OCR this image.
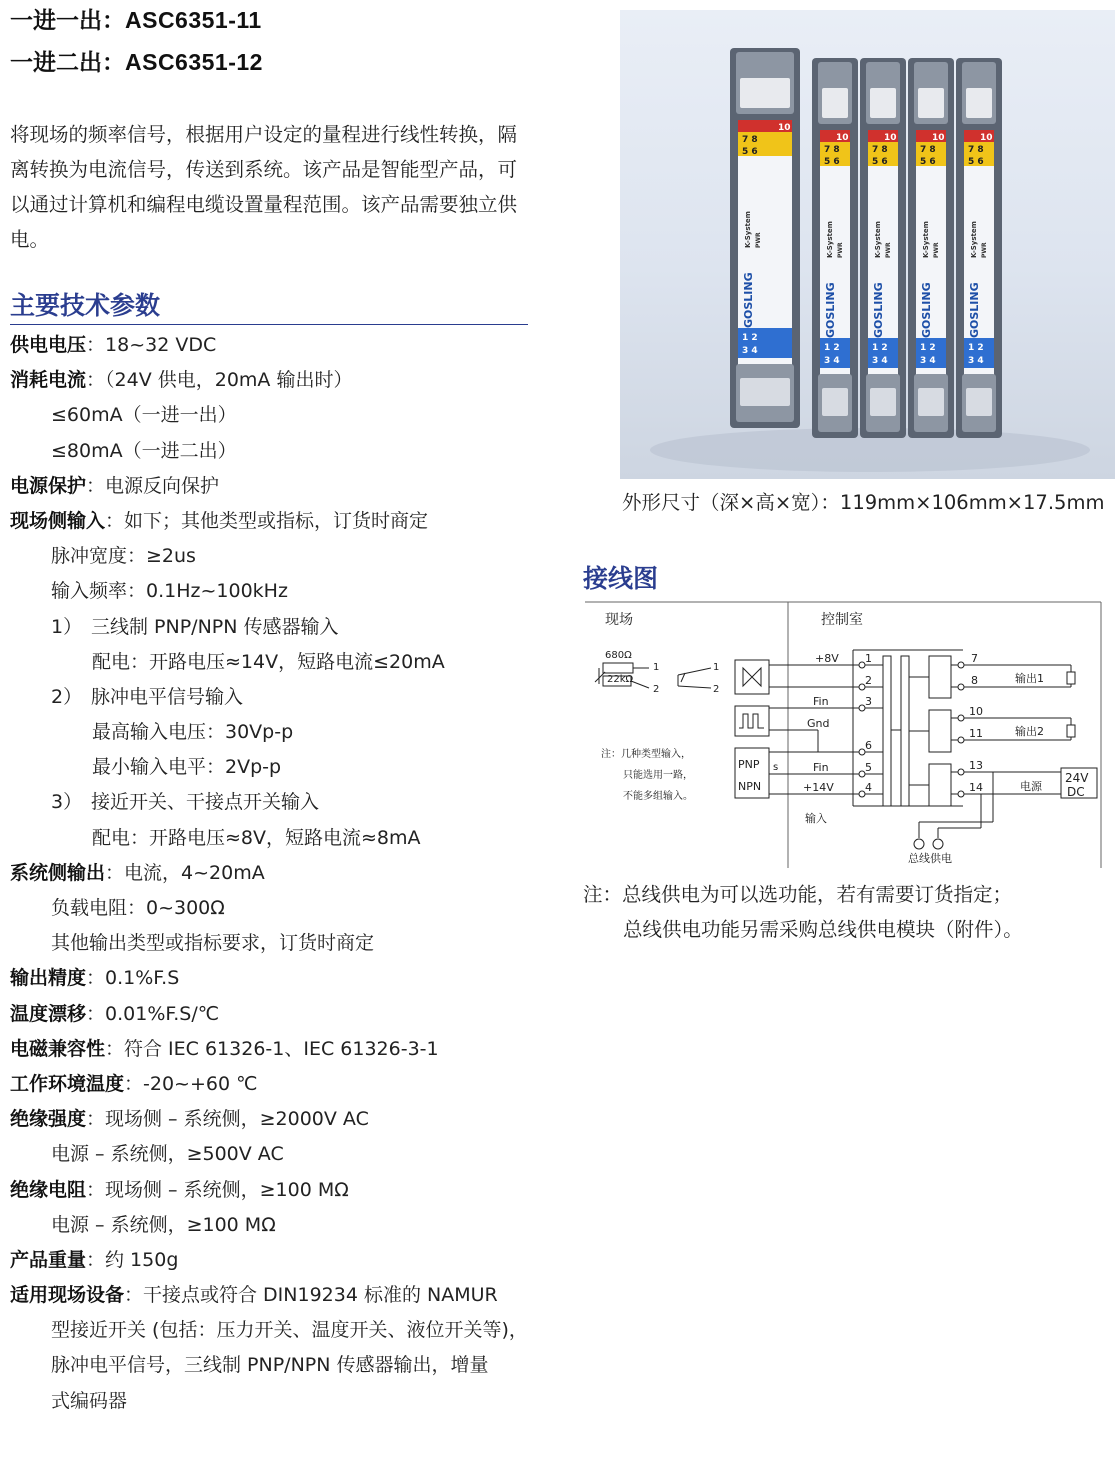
一进一出：ASC6351-11
一进二出：ASC6351-12
将现场的频率信号，根据用户设定的量程进行线性转换，隔
离转换为电流信号，传送到系统。该产品是智能型产品，可
以通过计算机和编程电缆设置量程范围。该产品需要独立供
电。
主要技术参数
供电电压：18~32 VDC
消耗电流：（24V 供电，20mA 输出时）
≤60mA（一进一出）
≤80mA（一进二出）
电源保护：电源反向保护
现场侧输入：如下；其他类型或指标，订货时商定
脉冲宽度：≥2us
输入频率：0.1Hz~100kHz
1） 三线制 PNP/NPN 传感器输入
配电：开路电压≈14V，短路电流≤20mA
2） 脉冲电平信号输入
最高输入电压：30Vp-p
最小输入电平：2Vp-p
3） 接近开关、干接点开关输入
配电：开路电压≈8V，短路电流≈8mA
系统侧输出：电流，4~20mA
负载电阻：0~300Ω
其他输出类型或指标要求，订货时商定
输出精度：0.1%F.S
温度漂移：0.01%F.S/℃
电磁兼容性：符合 IEC 61326-1、IEC 61326-3-1
工作环境温度：-20~+60 ℃
绝缘强度：现场侧 – 系统侧，≥2000V AC
电源 – 系统侧，≥500V AC
绝缘电阻：现场侧 – 系统侧，≥100 MΩ
电源 – 系统侧，≥100 MΩ
产品重量：约 150g
适用现场设备：干接点或符合 DIN19234 标准的 NAMUR
型接近开关 (包括：压力开关、温度开关、液位开关等)，
脉冲电平信号，三线制 PNP/NPN 传感器输出，增量
式编码器
10
7 8
5 6
1 2
3 4
K-System PWR
GOSLING
10
7 8
5 6
1 2
3 4
K-System PWR
GOSLING
10
7 8
5 6
1 2
3 4
K-System PWR
GOSLING
10
7 8
5 6
1 2
3 4
K-System PWR
GOSLING
10
7 8
5 6
1 2
3 4
K-System PWR
GOSLING
外形尺寸（深×高×宽）：119mm×106mm×17.5mm
接线图
现场	控制室
680Ω
22kΩ
1
2
1
2
注：几种类型输入，
只能选用一路，
不能多组输入。
+8V
Fin
Gnd
Fin
+14V
PNP
NPN
s
输入
1
2
3
6
5
4
7
8
10
11
13
14
输出1
输出2
电源
24V
DC
总线供电
注：总线供电为可以选功能，若有需要订货指定；
总线供电功能另需采购总线供电模块（附件）。
